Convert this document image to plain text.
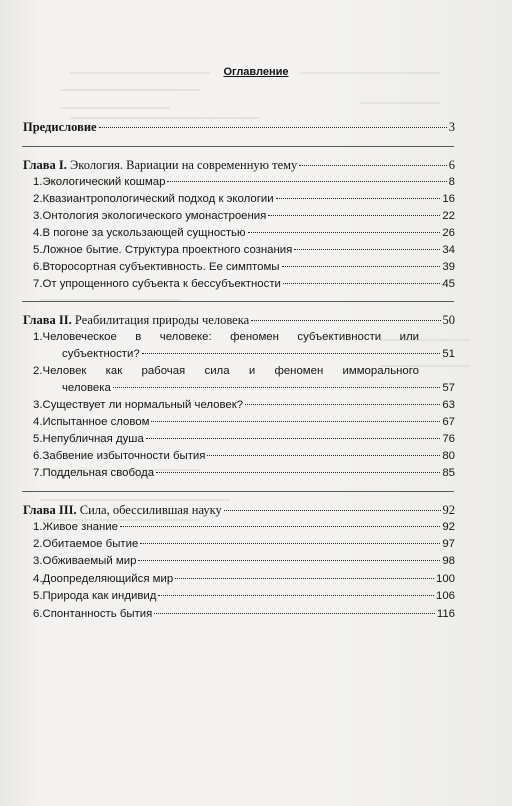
Оглавление
Предисловие	3
Глава I. Экология. Вариации на современную тему	6
1.Экологический кошмар	8
2.Квазиантропологический подход к экологии	16
3.Онтология экологического умонастроения	22
4.В погоне за ускользающей сущностью	26
5.Ложное бытие. Структура проектного сознания	34
6.Второсортная субъективность. Ее симптомы	39
7.От упрощенного субъекта к бессубъектности	45
Глава II. Реабилитация природы человека	50
1.Человеческое в человеке: феномен субъективности или
субъектности?	51
2.Человек как рабочая сила и феномен имморального
человека	57
3.Существует ли нормальный человек?	63
4.Испытанное словом	67
5.Непубличная душа	76
6.Забвение избыточности бытия	80
7.Поддельная свобода	85
Глава III. Сила, обессилившая науку	92
1.Живое знание	92
2.Обитаемое бытие	97
3.Обживаемый мир	98
4.Доопределяющийся мир	100
5.Природа как индивид	106
6.Спонтанность бытия	116
